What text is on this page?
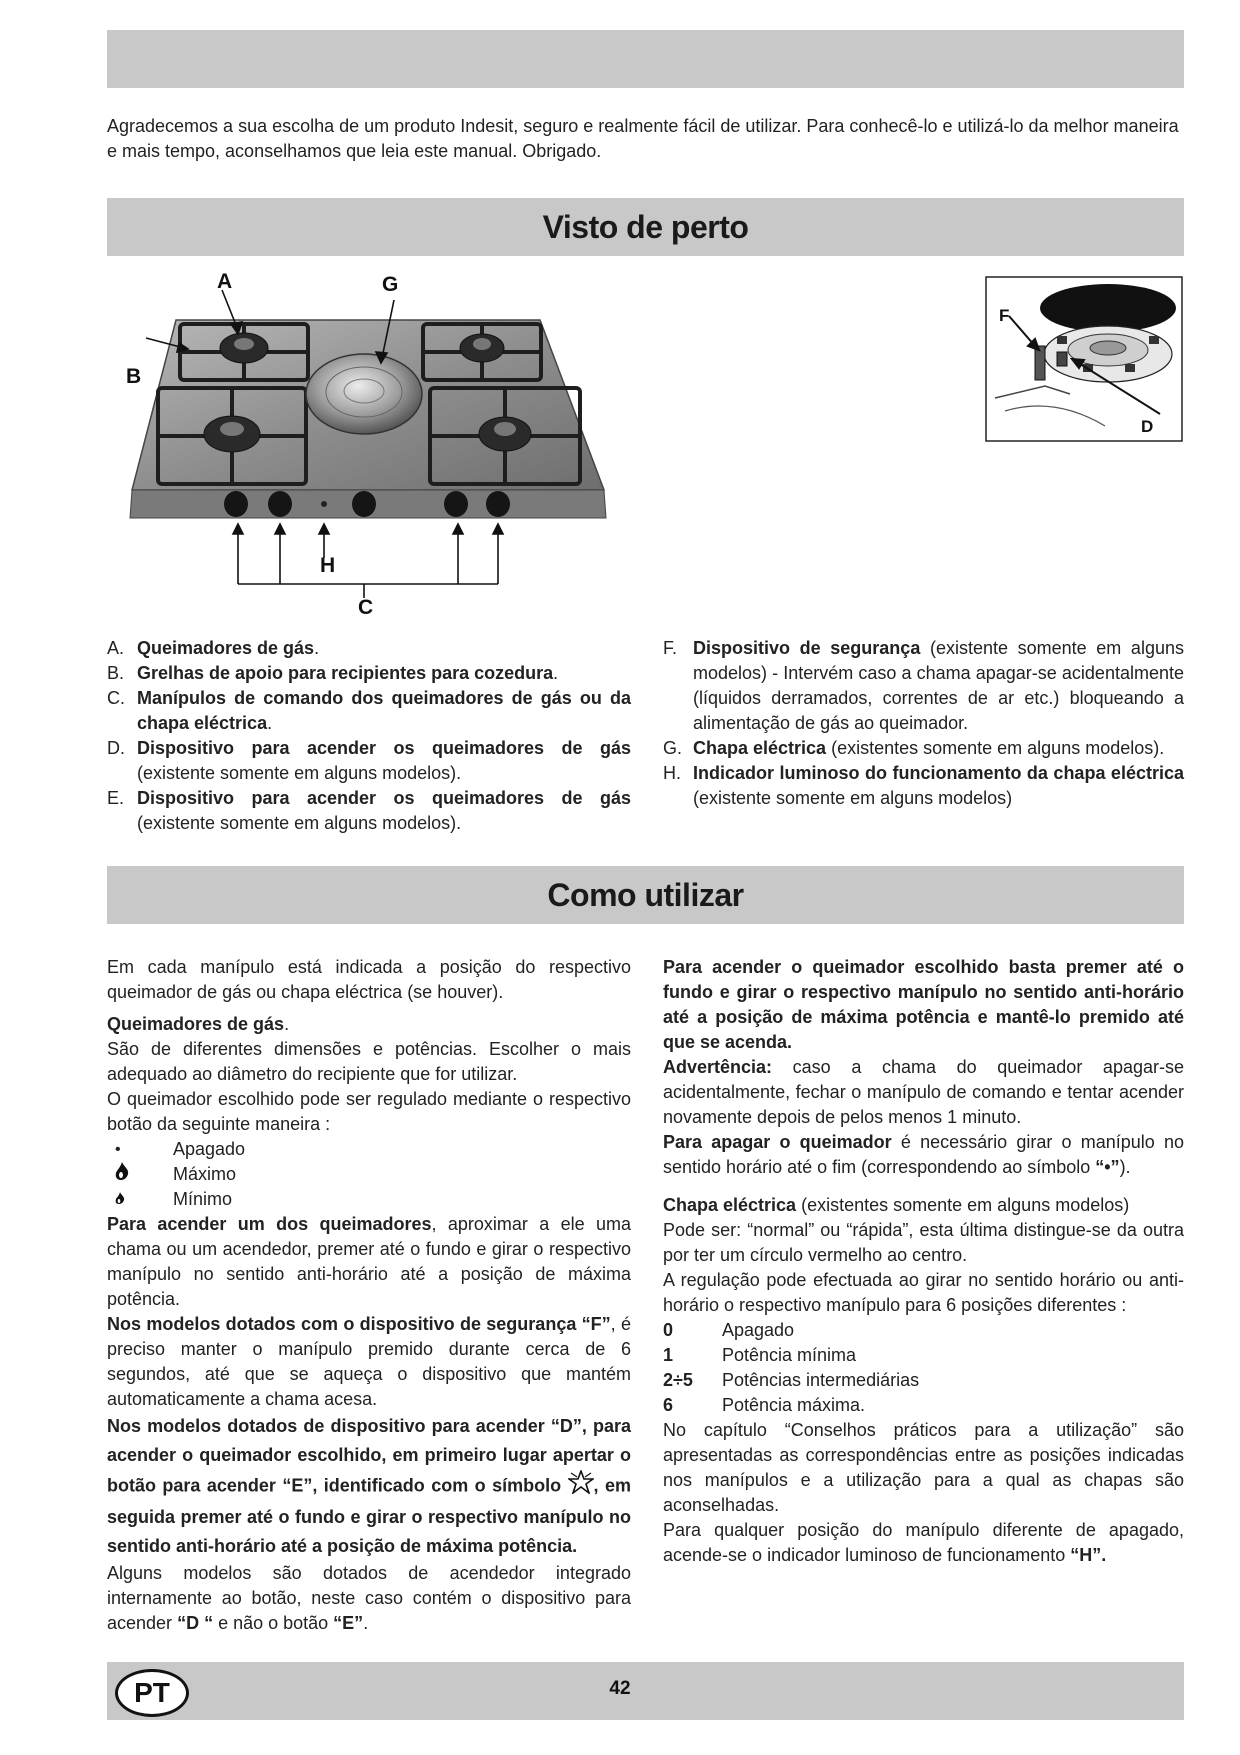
Agradecemos a sua escolha de um produto Indesit, seguro e realmente fácil de utilizar. Para conhecê-lo e utilizá-lo da melhor maneira e mais tempo, aconselhamos que leia este manual. Obrigado.
Visto de perto
A	G
B
H
C
F
D
A. Queimadores de gás.
B. Grelhas de apoio para recipientes para cozedura.
C. Manípulos de comando dos queimadores de gás ou da chapa eléctrica.
D. Dispositivo para acender os queimadores de gás (existente somente em alguns modelos).
E. Dispositivo para acender os queimadores de gás (existente somente em alguns modelos).
F. Dispositivo de segurança (existente somente em alguns modelos) - Intervém caso a chama apagar-se acidentalmente (líquidos derramados, correntes de ar etc.) bloqueando a alimentação de gás ao queimador.
G. Chapa eléctrica (existentes somente em alguns modelos).
H. Indicador luminoso do funcionamento da chapa eléctrica (existente somente em alguns modelos)
Como utilizar

Em cada manípulo está indicada a posição do respectivo queimador de gás ou chapa eléctrica (se houver).

Queimadores de gás.

São de diferentes dimensões e potências. Escolher o mais adequado ao diâmetro do recipiente que for utilizar.

O queimador escolhido pode ser regulado mediante o respectivo botão da seguinte maneira :

•	Apagado
Máximo
Mínimo

Para acender um dos queimadores, aproximar a ele uma chama ou um acendedor, premer até o fundo e girar o respectivo manípulo no sentido anti-horário até a posição de máxima potência.

Nos modelos dotados com o dispositivo de segurança “F”, é preciso manter o manípulo premido durante cerca de 6 segundos, até que se aqueça o dispositivo que mantém automaticamente a chama acesa.

Nos modelos dotados de dispositivo para acender “D”, para acender o queimador escolhido, em primeiro lugar apertar o botão para acender “E”, identificado com o símbolo , em seguida premer até o fundo e girar o respectivo manípulo no sentido anti-horário até a posição de máxima potência.

Alguns modelos são dotados de acendedor integrado internamente ao botão, neste caso contém o dispositivo para acender “D “ e não o botão “E”.

Para acender o queimador escolhido basta premer até o fundo e girar o respectivo manípulo no sentido anti-horário até a posição de máxima potência e mantê-lo premido até que se acenda.

Advertência: caso a chama do queimador apagar-se acidentalmente, fechar o manípulo de comando e tentar acender novamente depois de pelos menos 1 minuto.

Para apagar o queimador é necessário girar o manípulo no sentido horário até o fim (correspondendo ao símbolo “•”).

Chapa eléctrica (existentes somente em alguns modelos)

Pode ser: “normal” ou “rápida”, esta última distingue-se da outra por ter um círculo vermelho ao centro.

A regulação pode efectuada ao girar no sentido horário ou anti-horário o respectivo manípulo para 6 posições diferentes :

0	Apagado
1	Potência mínima
2÷5	Potências intermediárias
6	Potência máxima.

No capítulo “Conselhos práticos para a utilização” são apresentadas as correspondências entre as posições indicadas nos manípulos e a utilização para a qual as chapas são aconselhadas.

Para qualquer posição do manípulo diferente de apagado, acende-se o indicador luminoso de funcionamento “H”.

PT	42
